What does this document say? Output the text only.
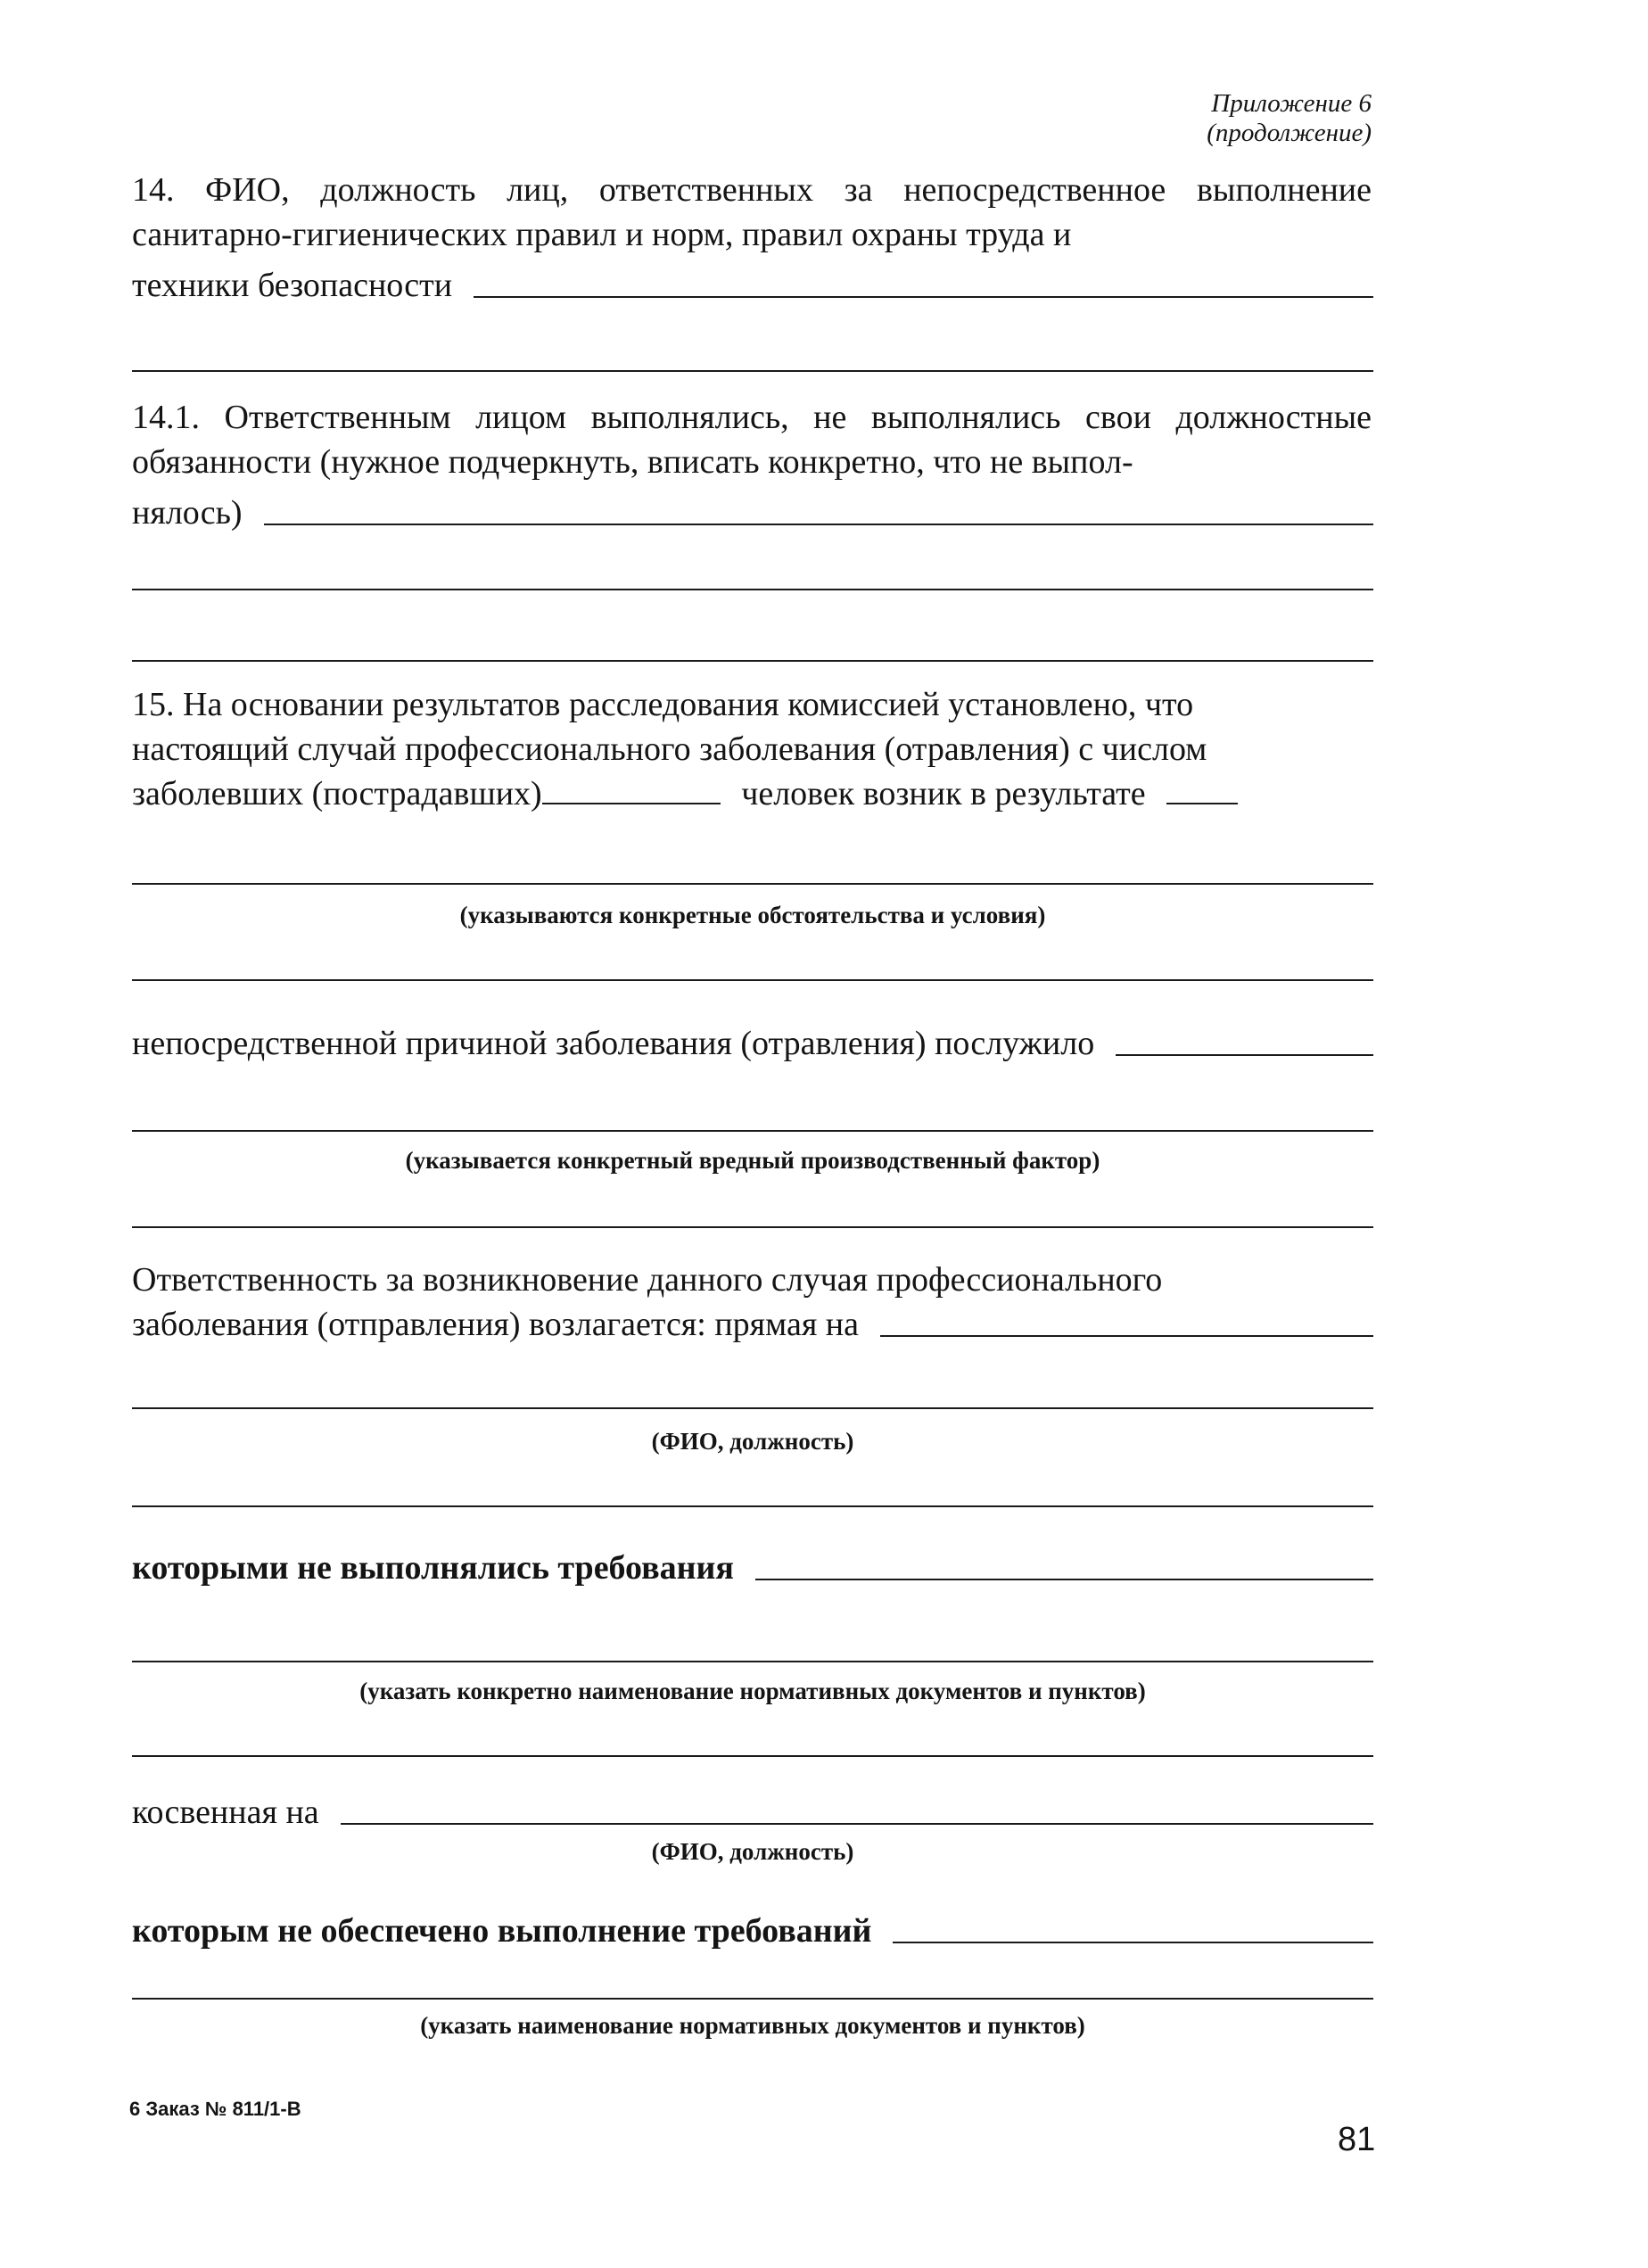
Приложение 6
(продолжение)
14. ФИО, должность лиц, ответственных за непосредственное выполнение санитарно-гигиенических правил и норм, правил охраны труда и
техники безопасности
14.1. Ответственным лицом выполнялись, не выполнялись свои должностные обязанности (нужное подчеркнуть, вписать конкретно, что не выпол-
нялось)
15. На основании результатов расследования комиссией установлено, что
настоящий случай профессионального заболевания (отравления) с числом
заболевших (пострадавших)	человек возник в результате
(указываются конкретные обстоятельства и условия)
непосредственной причиной заболевания (отравления) послужило
(указывается конкретный вредный производственный фактор)
Ответственность за возникновение данного случая профессионального
заболевания (отправления) возлагается: прямая на
(ФИО, должность)
которыми не выполнялись требования
(указать конкретно наименование нормативных документов и пунктов)
косвенная на
(ФИО, должность)
которым не обеспечено выполнение требований
(указать наименование нормативных документов и пунктов)
6 Заказ № 811/1-В
81
